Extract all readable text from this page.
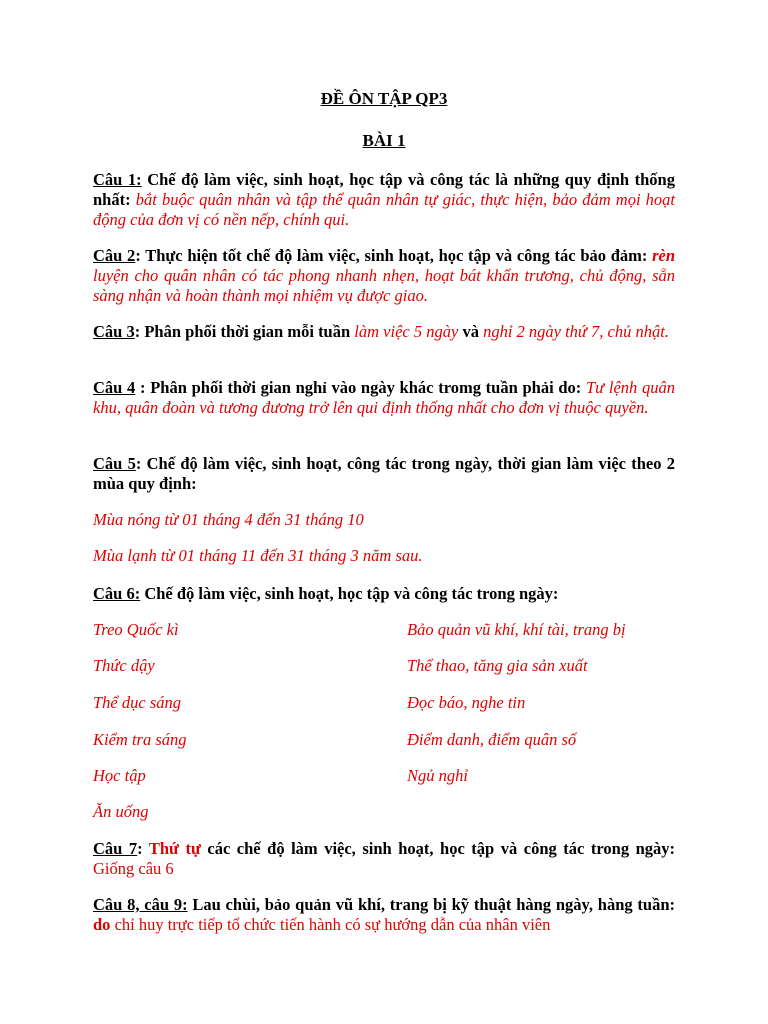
ĐỀ ÔN TẬP QP3
BÀI 1
Câu 1: Chế độ làm việc, sinh hoạt, học tập và công tác là những quy định thống nhất: bắt buộc quân nhân và tập thể quân nhân tự giác, thực hiện, bảo đảm mọi hoạt động của đơn vị có nền nếp, chính qui.
Câu 2: Thực hiện tốt chế độ làm việc, sinh hoạt, học tập và công tác bảo đảm: rèn luyện cho quân nhân có tác phong nhanh nhẹn, hoạt bát khẩn trương, chủ động, sẵn sàng nhận và hoàn thành mọi nhiệm vụ được giao.
Câu 3: Phân phối thời gian mỗi tuần làm việc 5 ngày và nghỉ 2 ngày thứ 7, chủ nhật.
Câu 4 : Phân phối thời gian nghỉ vào ngày khác tromg tuần phải do: Tư lệnh quân khu, quân đoàn và tương đương trở lên qui định thống nhất cho đơn vị thuộc quyền.
Câu 5: Chế độ làm việc, sinh hoạt, công tác trong ngày, thời gian làm việc theo 2 mùa quy định:
Mùa nóng từ 01 tháng 4 đến 31 tháng 10
Mùa lạnh từ 01 tháng 11 đến 31 tháng 3 năm sau.
Câu 6: Chế độ làm việc, sinh hoạt, học tập và công tác trong ngày:
Treo Quốc kì
Thức dậy
Thể dục sáng
Kiểm tra sáng
Học tập
Ăn uống
Bảo quản vũ khí, khí tài, trang bị
Thể thao, tăng gia sản xuất
Đọc báo, nghe tin
Điểm danh, điểm quân số
Ngủ nghỉ
Câu 7: Thứ tự các chế độ làm việc, sinh hoạt, học tập và công tác trong ngày: Giống câu 6
Câu 8, câu 9: Lau chùi, bảo quản vũ khí, trang bị kỹ thuật hàng ngày, hàng tuần: do chỉ huy trực tiếp tổ chức tiến hành có sự hướng dẫn của nhân viên
